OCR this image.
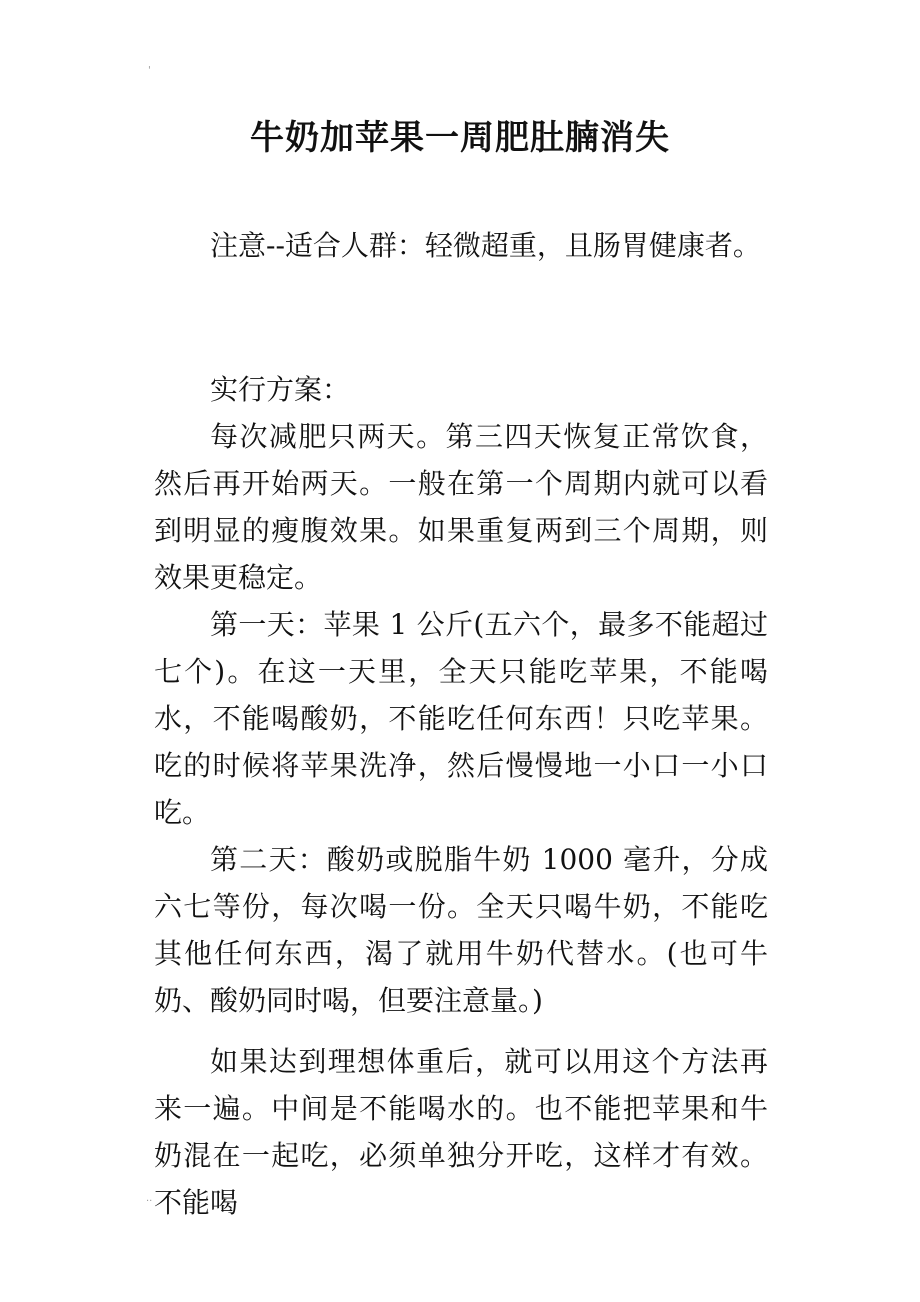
'
牛奶加苹果一周肥肚腩消失

注意--适合人群：轻微超重，且肠胃健康者。

实行方案：

每次减肥只两天。第三四天恢复正常饮食，然后再开始两天。一般在第一个周期内就可以看到明显的瘦腹效果。如果重复两到三个周期，则效果更稳定。

第一天：苹果 1 公斤(五六个，最多不能超过七个)。在这一天里，全天只能吃苹果，不能喝水，不能喝酸奶，不能吃任何东西！只吃苹果。吃的时候将苹果洗净，然后慢慢地一小口一小口吃。

第二天：酸奶或脱脂牛奶 1000 毫升，分成六七等份，每次喝一份。全天只喝牛奶，不能吃其他任何东西，渴了就用牛奶代替水。(也可牛奶、酸奶同时喝，但要注意量。)

如果达到理想体重后，就可以用这个方法再来一遍。中间是不能喝水的。也不能把苹果和牛奶混在一起吃，必须单独分开吃，这样才有效。不能喝

..
